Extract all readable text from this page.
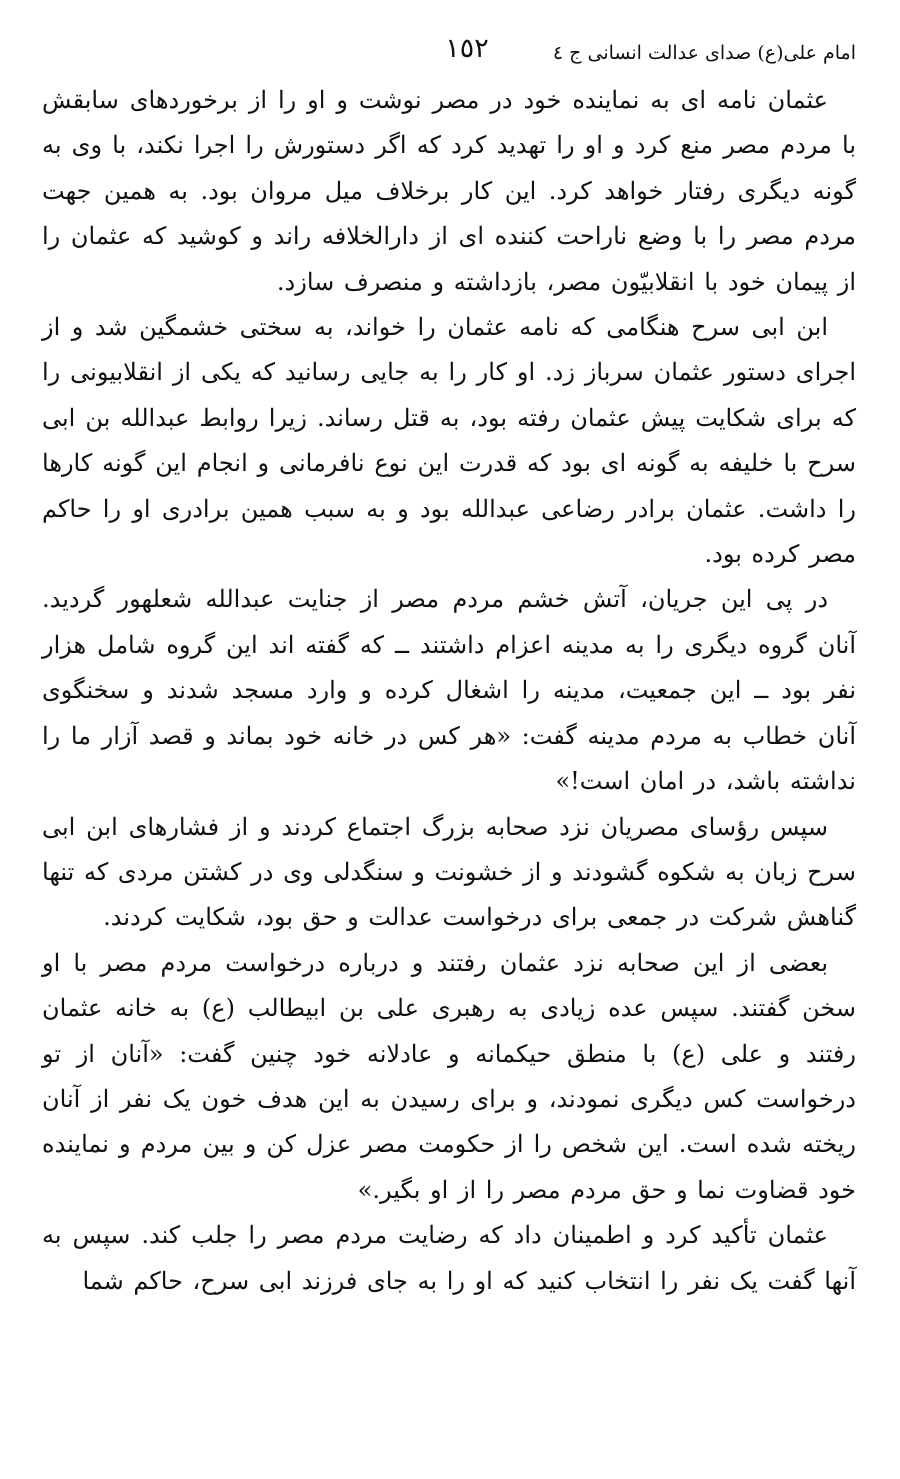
امام علی(ع) صدای عدالت انسانی ج ٤
١٥٢

عثمان نامه ای به نماینده خود در مصر نوشت و او را از برخوردهای سابقش با مردم مصر منع کرد و او را تهدید کرد که اگر دستورش را اجرا نکند، با وی به گونه دیگری رفتار خواهد کرد. این کار برخلاف میل مروان بود. به همین جهت مردم مصر را با وضع ناراحت کننده ای از دارالخلافه راند و کوشید که عثمان را از پیمان خود با انقلابیّون مصر، بازداشته و منصرف سازد.

ابن ابی سرح هنگامی که نامه عثمان را خواند، به سختی خشمگین شد و از اجرای دستور عثمان سرباز زد. او کار را به جایی رسانید که یکی از انقلابیونی را که برای شکایت پیش عثمان رفته بود، به قتل رساند. زیرا روابط عبدالله بن ابی سرح با خلیفه به گونه ای بود که قدرت این نوع نافرمانی و انجام این گونه کارها را داشت. عثمان برادر رضاعی عبدالله بود و به سبب همین برادری او را حاکم مصر کرده بود.

در پی این جریان، آتش خشم مردم مصر از جنایت عبدالله شعلهور گردید. آنان گروه دیگری را به مدینه اعزام داشتند ــ که گفته اند این گروه شامل هزار نفر بود ــ این جمعیت، مدینه را اشغال کرده و وارد مسجد شدند و سخنگوی آنان خطاب به مردم مدینه گفت: «هر کس در خانه خود بماند و قصد آزار ما را نداشته باشد، در امان است!»

سپس رؤسای مصریان نزد صحابه بزرگ اجتماع کردند و از فشارهای ابن ابی سرح زبان به شکوه گشودند و از خشونت و سنگدلی وی در کشتن مردی که تنها گناهش شرکت در جمعی برای درخواست عدالت و حق بود، شکایت کردند.

بعضی از این صحابه نزد عثمان رفتند و درباره درخواست مردم مصر با او سخن گفتند. سپس عده زیادی به رهبری علی بن ابیطالب (ع) به خانه عثمان رفتند و علی (ع) با منطق حیکمانه و عادلانه خود چنین گفت: «آنان از تو درخواست کس دیگری نمودند، و برای رسیدن به این هدف خون یک نفر از آنان ریخته شده است. این شخص را از حکومت مصر عزل کن و بین مردم و نماینده خود قضاوت نما و حق مردم مصر را از او بگیر.»

عثمان تأکید کرد و اطمینان داد که رضایت مردم مصر را جلب کند. سپس به آنها گفت یک نفر را انتخاب کنید که او را به جای فرزند ابی سرح، حاکم شما
